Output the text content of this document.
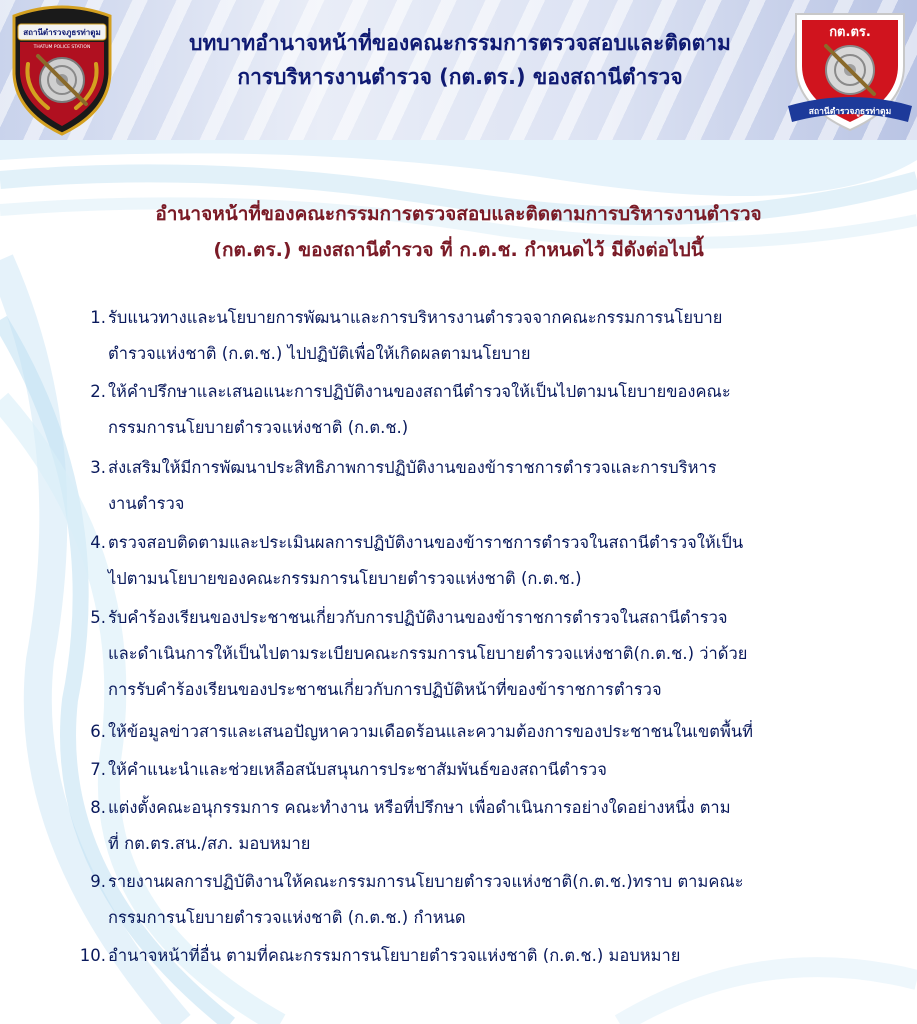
สถานีตำรวจภูธรท่าตูม
THATUM POLICE STATION	บทบาทอำนาจหน้าที่ของคณะกรรมการตรวจสอบและติดตาม
การบริหารงานตำรวจ (กต.ตร.) ของสถานีตำรวจ
กต.ตร.
สถานีตำรวจภูธรท่าตูม
อำนาจหน้าที่ของคณะกรรมการตรวจสอบและติดตามการบริหารงานตำรวจ
(กต.ตร.) ของสถานีตำรวจ ที่ ก.ต.ช. กำหนดไว้ มีดังต่อไปนี้
1. รับแนวทางและนโยบายการพัฒนาและการบริหารงานตำรวจจากคณะกรรมการนโยบาย
ตำรวจแห่งชาติ (ก.ต.ช.) ไปปฏิบัติเพื่อให้เกิดผลตามนโยบาย
2. ให้คำปรึกษาและเสนอแนะการปฏิบัติงานของสถานีตำรวจให้เป็นไปตามนโยบายของคณะ
กรรมการนโยบายตำรวจแห่งชาติ (ก.ต.ช.)
3. ส่งเสริมให้มีการพัฒนาประสิทธิภาพการปฏิบัติงานของข้าราชการตำรวจและการบริหาร
งานตำรวจ
4. ตรวจสอบติดตามและประเมินผลการปฏิบัติงานของข้าราชการตำรวจในสถานีตำรวจให้เป็น
ไปตามนโยบายของคณะกรรมการนโยบายตำรวจแห่งชาติ (ก.ต.ช.)
5. รับคำร้องเรียนของประชาชนเกี่ยวกับการปฏิบัติงานของข้าราชการตำรวจในสถานีตำรวจ
และดำเนินการให้เป็นไปตามระเบียบคณะกรรมการนโยบายตำรวจแห่งชาติ(ก.ต.ช.) ว่าด้วย
การรับคำร้องเรียนของประชาชนเกี่ยวกับการปฏิบัติหน้าที่ของข้าราชการตำรวจ
6. ให้ข้อมูลข่าวสารและเสนอปัญหาความเดือดร้อนและความต้องการของประชาชนในเขตพื้นที่
7. ให้คำแนะนำและช่วยเหลือสนับสนุนการประชาสัมพันธ์ของสถานีตำรวจ
8. แต่งตั้งคณะอนุกรรมการ คณะทำงาน หรือที่ปรึกษา เพื่อดำเนินการอย่างใดอย่างหนึ่ง ตาม
ที่ กต.ตร.สน./สภ. มอบหมาย
9. รายงานผลการปฏิบัติงานให้คณะกรรมการนโยบายตำรวจแห่งชาติ(ก.ต.ช.)ทราบ ตามคณะ
กรรมการนโยบายตำรวจแห่งชาติ (ก.ต.ช.) กำหนด
10. อำนาจหน้าที่อื่น ตามที่คณะกรรมการนโยบายตำรวจแห่งชาติ (ก.ต.ช.) มอบหมาย
